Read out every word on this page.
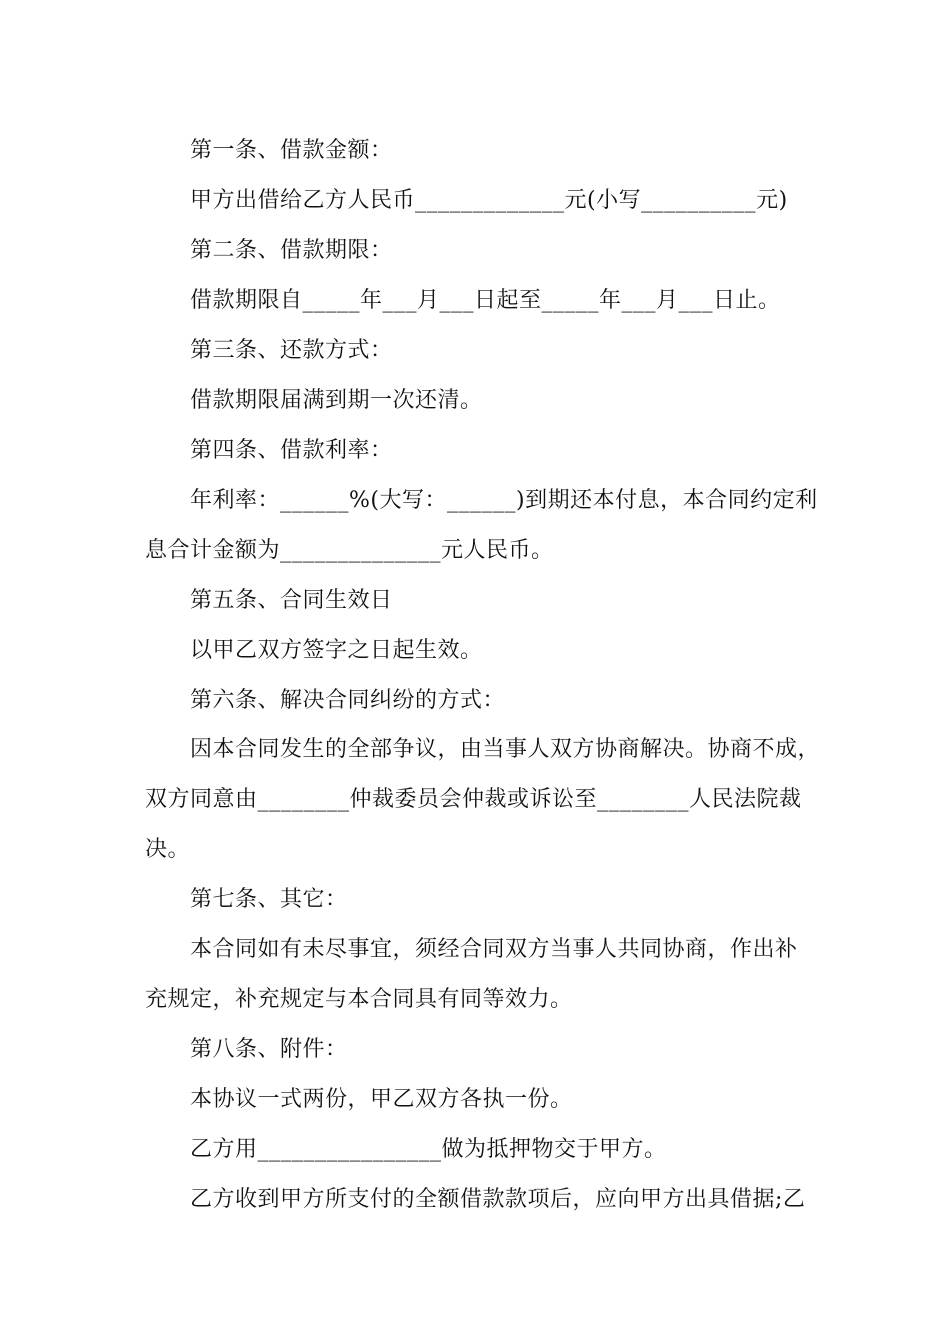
第一条、借款金额：
甲方出借给乙方人民币_____________元(小写__________元)
第二条、借款期限：
借款期限自_____年___月___日起至_____年___月___日止。
第三条、还款方式：
借款期限届满到期一次还清。
第四条、借款利率：
年利率：______%(大写：______)到期还本付息，本合同约定利
息合计金额为______________元人民币。
第五条、合同生效日
以甲乙双方签字之日起生效。
第六条、解决合同纠纷的方式：
因本合同发生的全部争议，由当事人双方协商解决。协商不成，
双方同意由________仲裁委员会仲裁或诉讼至________人民法院裁
决。
第七条、其它：
本合同如有未尽事宜，须经合同双方当事人共同协商，作出补
充规定，补充规定与本合同具有同等效力。
第八条、附件：
本协议一式两份，甲乙双方各执一份。
乙方用________________做为抵押物交于甲方。
乙方收到甲方所支付的全额借款款项后，应向甲方出具借据;乙
